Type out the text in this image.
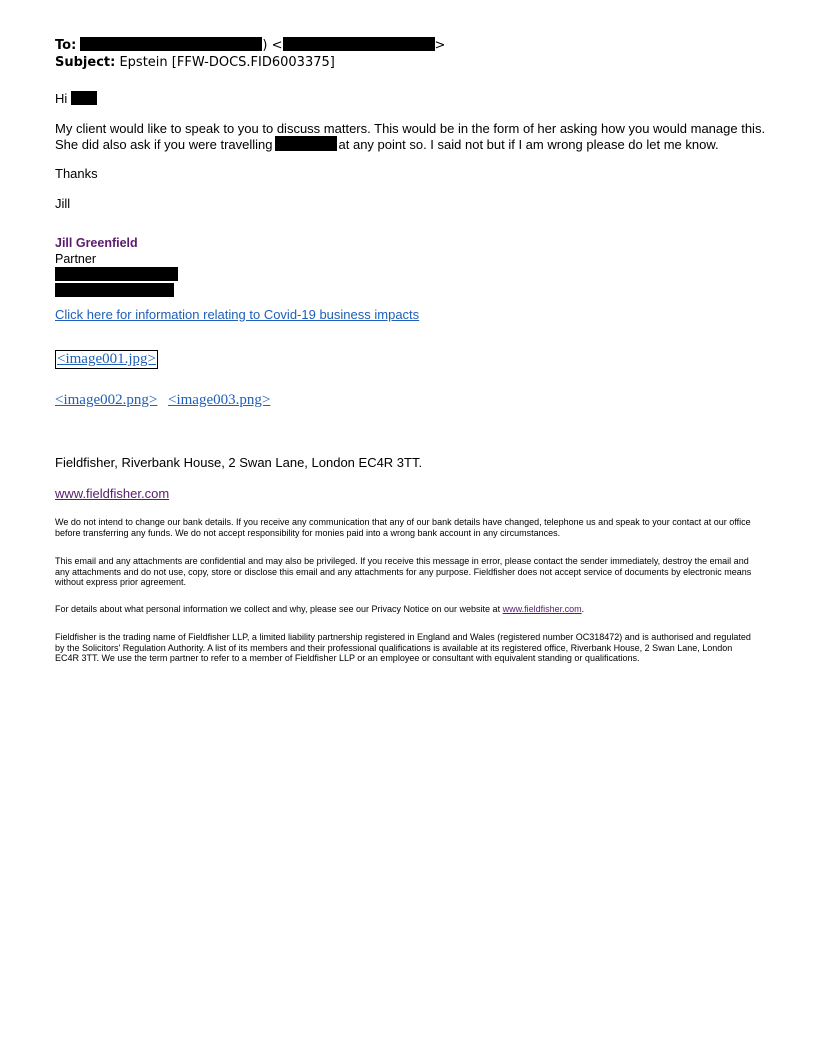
To:	) <	>
Subject: Epstein [FFW-DOCS.FID6003375]
Hi
My client would like to speak to you to discuss matters. This would be in the form of her asking how you would manage this. She did also ask if you were travelling	at any point so. I said not but if I am wrong please do let me know.
Thanks
Jill
Jill Greenfield
Partner
Click here for information relating to Covid-19 business impacts
<image001.jpg>
<image002.png> <image003.png>
Fieldfisher, Riverbank House, 2 Swan Lane, London EC4R 3TT.
www.fieldfisher.com
We do not intend to change our bank details. If you receive any communication that any of our bank details have changed, telephone us and speak to your contact at our office before transferring any funds. We do not accept responsibility for monies paid into a wrong bank account in any circumstances.
This email and any attachments are confidential and may also be privileged. If you receive this message in error, please contact the sender immediately, destroy the email and any attachments and do not use, copy, store or disclose this email and any attachments for any purpose. Fieldfisher does not accept service of documents by electronic means without express prior agreement.
For details about what personal information we collect and why, please see our Privacy Notice on our website at www.fieldfisher.com.
Fieldfisher is the trading name of Fieldfisher LLP, a limited liability partnership registered in England and Wales (registered number OC318472) and is authorised and regulated by the Solicitors' Regulation Authority. A list of its members and their professional qualifications is available at its registered office, Riverbank House, 2 Swan Lane, London EC4R 3TT. We use the term partner to refer to a member of Fieldfisher LLP or an employee or consultant with equivalent standing or qualifications.
